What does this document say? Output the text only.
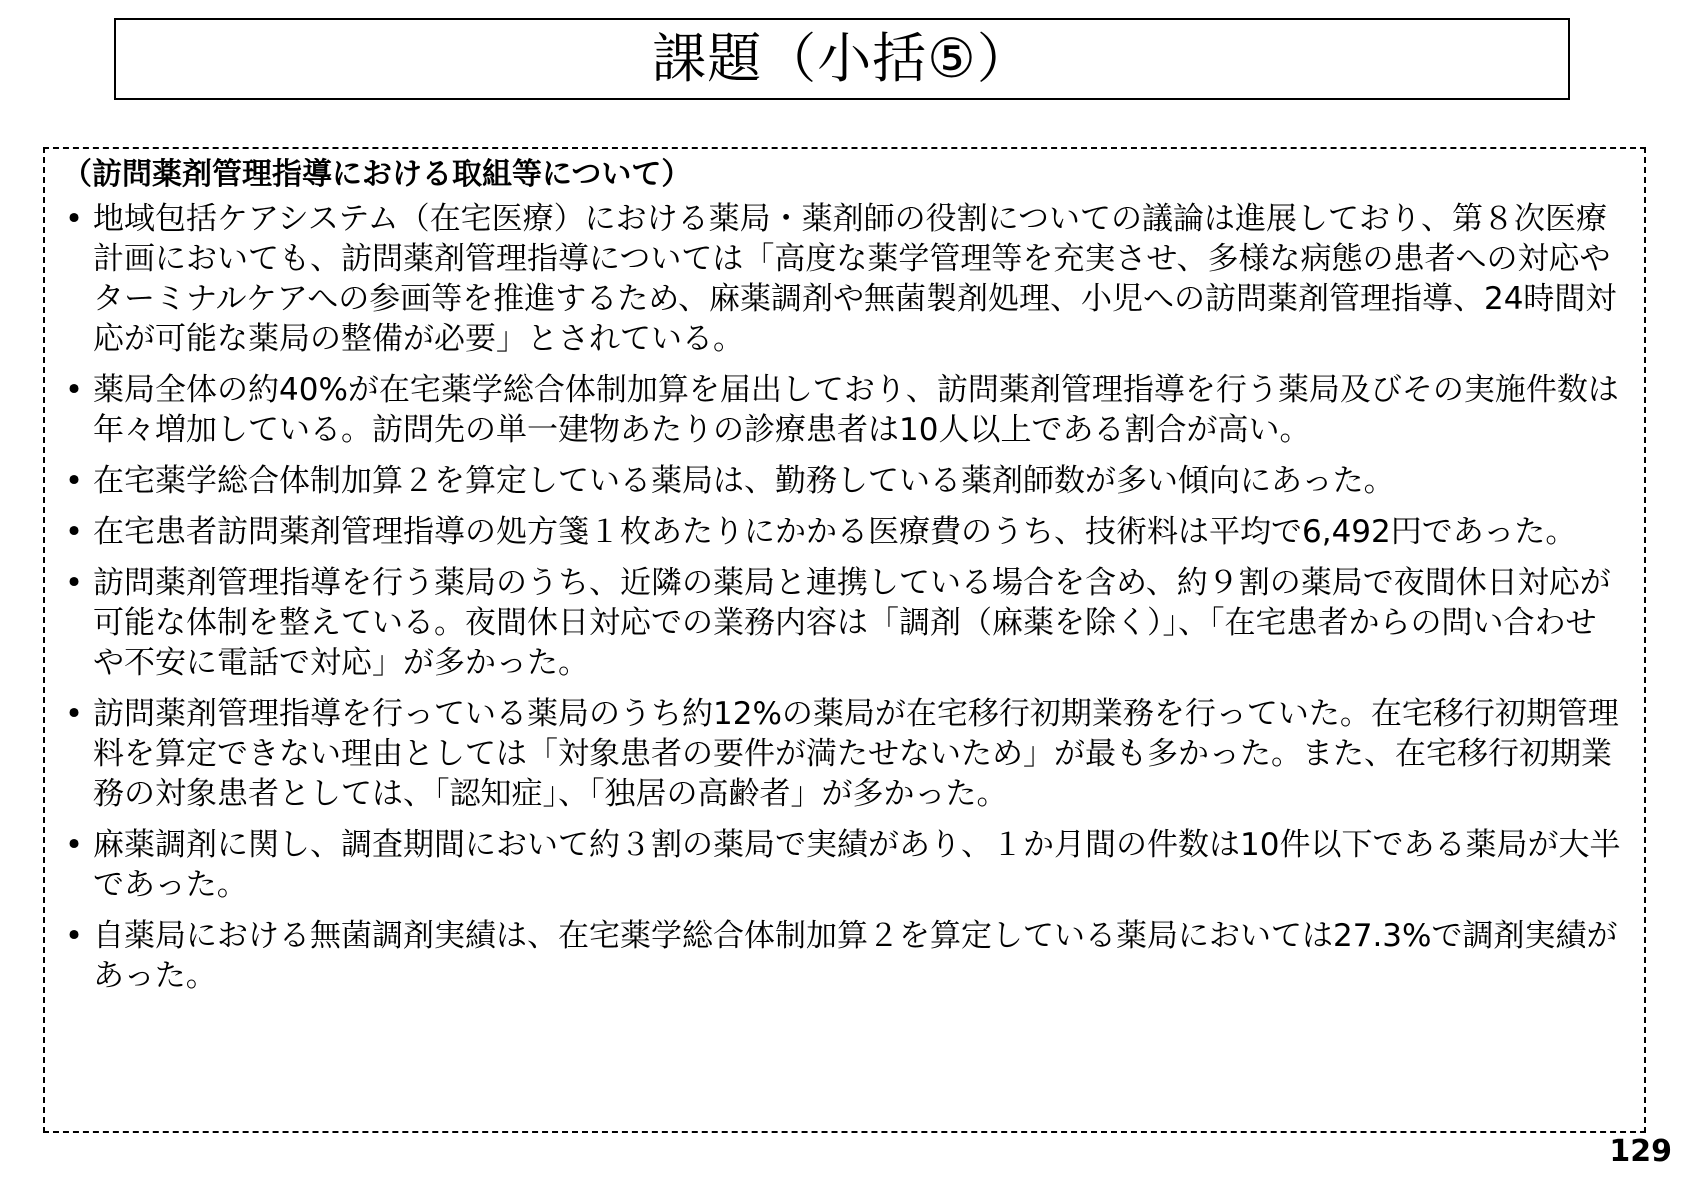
課題（小括⑤）
（訪問薬剤管理指導における取組等について）
• 地域包括ケアシステム（在宅医療）における薬局・薬剤師の役割についての議論は進展しており、第８次医療計画においても、訪問薬剤管理指導については「高度な薬学管理等を充実させ、多様な病態の患者への対応やターミナルケアへの参画等を推進するため、麻薬調剤や無菌製剤処理、小児への訪問薬剤管理指導、24時間対応が可能な薬局の整備が必要」とされている。
• 薬局全体の約40%が在宅薬学総合体制加算を届出しており、訪問薬剤管理指導を行う薬局及びその実施件数は年々増加している。訪問先の単一建物あたりの診療患者は10人以上である割合が高い。
• 在宅薬学総合体制加算２を算定している薬局は、勤務している薬剤師数が多い傾向にあった。
• 在宅患者訪問薬剤管理指導の処方箋１枚あたりにかかる医療費のうち、技術料は平均で6,492円であった。
• 訪問薬剤管理指導を行う薬局のうち、近隣の薬局と連携している場合を含め、約９割の薬局で夜間休日対応が可能な体制を整えている。夜間休日対応での業務内容は「調剤（麻薬を除く）」、「在宅患者からの問い合わせや不安に電話で対応」が多かった。
• 訪問薬剤管理指導を行っている薬局のうち約12%の薬局が在宅移行初期業務を行っていた。在宅移行初期管理料を算定できない理由としては「対象患者の要件が満たせないため」が最も多かった。また、在宅移行初期業務の対象患者としては、「認知症」、「独居の高齢者」が多かった。
• 麻薬調剤に関し、調査期間において約３割の薬局で実績があり、１か月間の件数は10件以下である薬局が大半であった。
• 自薬局における無菌調剤実績は、在宅薬学総合体制加算２を算定している薬局においては27.3%で調剤実績があった。
129
